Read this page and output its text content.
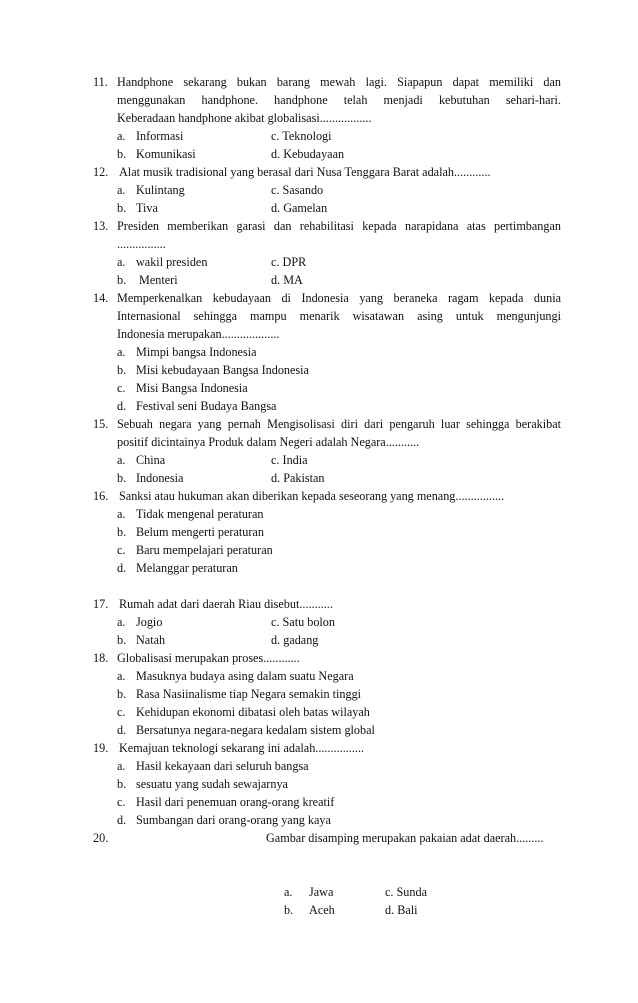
11. Handphone sekarang bukan barang mewah lagi. Siapapun dapat memiliki dan
menggunakan handphone. handphone telah menjadi kebutuhan sehari-hari.
Keberadaan handphone akibat globalisasi.................
a. Informasi	c. Teknologi
b. Komunikasi	d. Kebudayaan
12. Alat musik tradisional yang berasal dari Nusa Tenggara Barat adalah............
a. Kulintang	c. Sasando
b. Tiva	d. Gamelan
13. Presiden memberikan garasi dan rehabilitasi kepada narapidana atas pertimbangan
................
a. wakil presiden	c. DPR
b. Menteri	d. MA
14. Memperkenalkan kebudayaan di Indonesia yang beraneka ragam kepada dunia
Internasional sehingga mampu menarik wisatawan asing untuk mengunjungi
Indonesia merupakan...................
a. Mimpi bangsa Indonesia
b. Misi kebudayaan Bangsa Indonesia
c. Misi Bangsa Indonesia
d. Festival seni Budaya Bangsa
15. Sebuah negara yang pernah Mengisolisasi diri dari pengaruh luar sehingga berakibat
positif dicintainya Produk dalam Negeri adalah Negara...........
a. China	c. India
b. Indonesia	d. Pakistan
16. Sanksi atau hukuman akan diberikan kepada seseorang yang menang................
a. Tidak mengenal peraturan
b. Belum mengerti peraturan
c. Baru mempelajari peraturan
d. Melanggar peraturan
17. Rumah adat dari daerah Riau disebut...........
a. Jogio	c. Satu bolon
b. Natah	d. gadang
18. Globalisasi merupakan proses............
a. Masuknya budaya asing dalam suatu Negara
b. Rasa Nasiinalisme tiap Negara semakin tinggi
c. Kehidupan ekonomi dibatasi oleh batas wilayah
d. Bersatunya negara-negara kedalam sistem global
19. Kemajuan teknologi sekarang ini adalah................
a. Hasil kekayaan dari seluruh bangsa
b. sesuatu yang sudah sewajarnya
c. Hasil dari penemuan orang-orang kreatif
d. Sumbangan dari orang-orang yang kaya
20.	Gambar disamping merupakan pakaian adat daerah.........
a. Jawa	c. Sunda
b. Aceh	d. Bali
